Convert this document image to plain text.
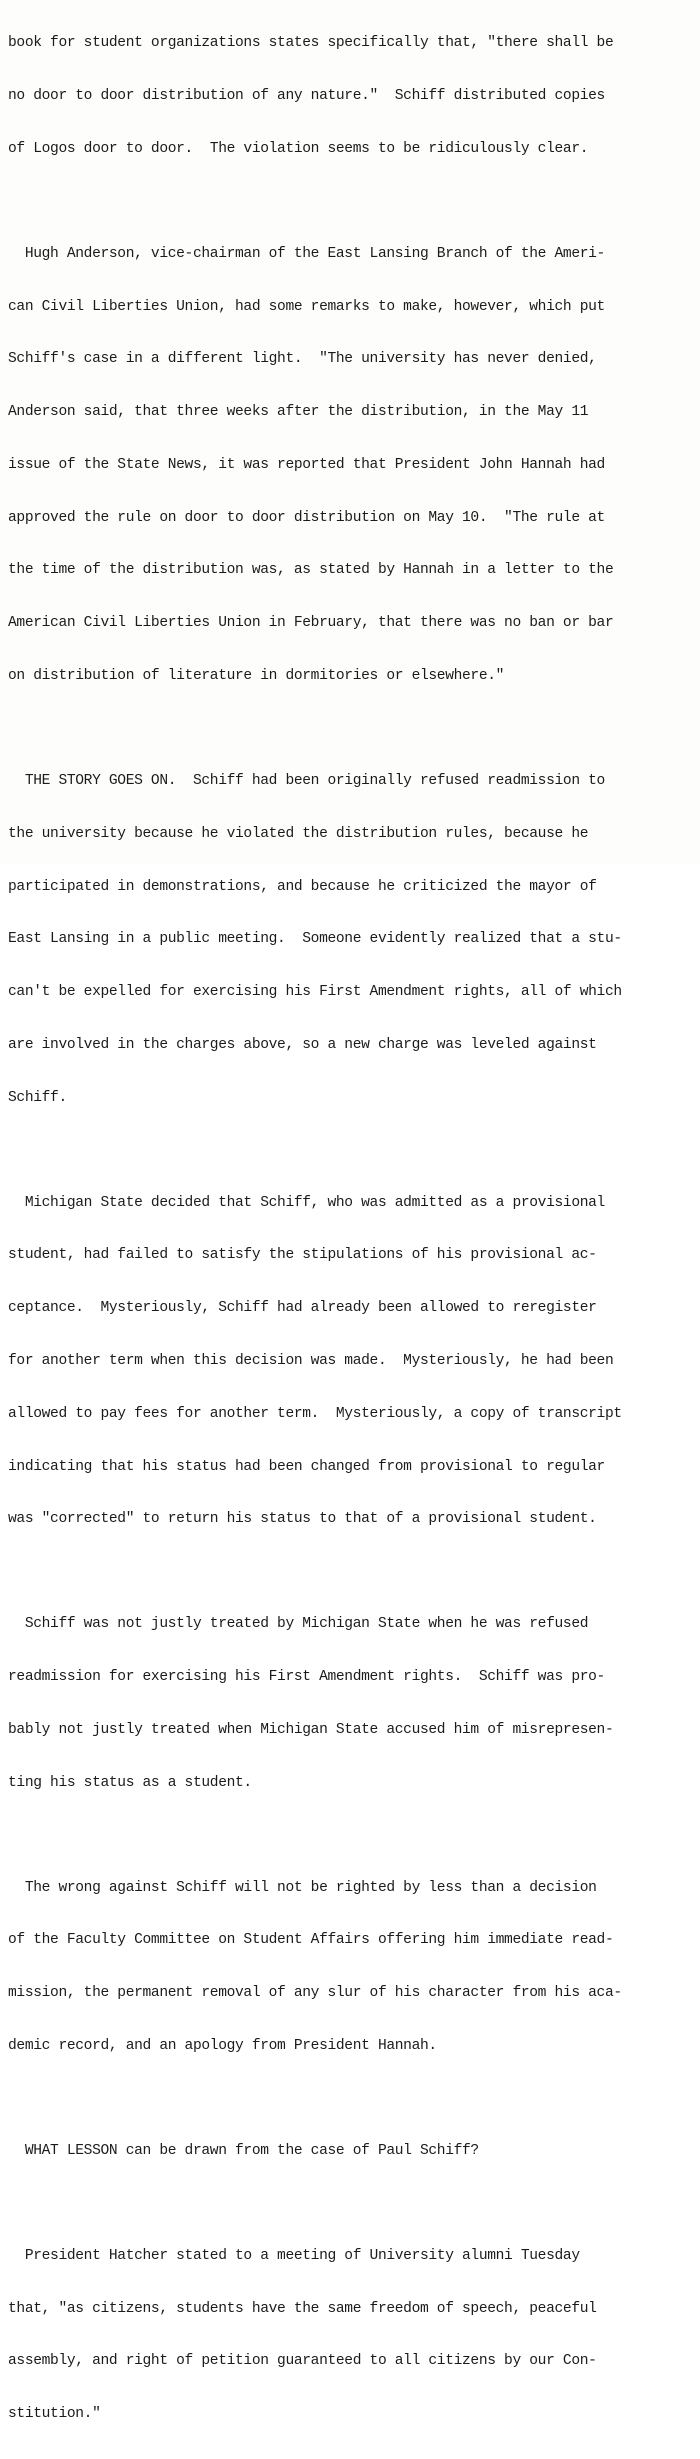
book for student organizations states specifically that, "there shall be

no door to door distribution of any nature."  Schiff distributed copies

of Logos door to door.  The violation seems to be ridiculously clear.

Hugh Anderson, vice-chairman of the East Lansing Branch of the Ameri-

can Civil Liberties Union, had some remarks to make, however, which put

Schiff's case in a different light.  "The university has never denied,

Anderson said, that three weeks after the distribution, in the May 11

issue of the State News, it was reported that President John Hannah had

approved the rule on door to door distribution on May 10.  "The rule at

the time of the distribution was, as stated by Hannah in a letter to the

American Civil Liberties Union in February, that there was no ban or bar

on distribution of literature in dormitories or elsewhere."

THE STORY GOES ON.  Schiff had been originally refused readmission to

the university because he violated the distribution rules, because he

participated in demonstrations, and because he criticized the mayor of

East Lansing in a public meeting.  Someone evidently realized that a stu-

can't be expelled for exercising his First Amendment rights, all of which

are involved in the charges above, so a new charge was leveled against

Schiff.

Michigan State decided that Schiff, who was admitted as a provisional

student, had failed to satisfy the stipulations of his provisional ac-

ceptance.  Mysteriously, Schiff had already been allowed to reregister

for another term when this decision was made.  Mysteriously, he had been

allowed to pay fees for another term.  Mysteriously, a copy of transcript

indicating that his status had been changed from provisional to regular

was "corrected" to return his status to that of a provisional student.

Schiff was not justly treated by Michigan State when he was refused

readmission for exercising his First Amendment rights.  Schiff was pro-

bably not justly treated when Michigan State accused him of misrepresen-

ting his status as a student.

The wrong against Schiff will not be righted by less than a decision

of the Faculty Committee on Student Affairs offering him immediate read-

mission, the permanent removal of any slur of his character from his aca-

demic record, and an apology from President Hannah.

WHAT LESSON can be drawn from the case of Paul Schiff?

President Hatcher stated to a meeting of University alumni Tuesday

that, "as citizens, students have the same freedom of speech, peaceful

assembly, and right of petition guaranteed to all citizens by our Con-

stitution."
